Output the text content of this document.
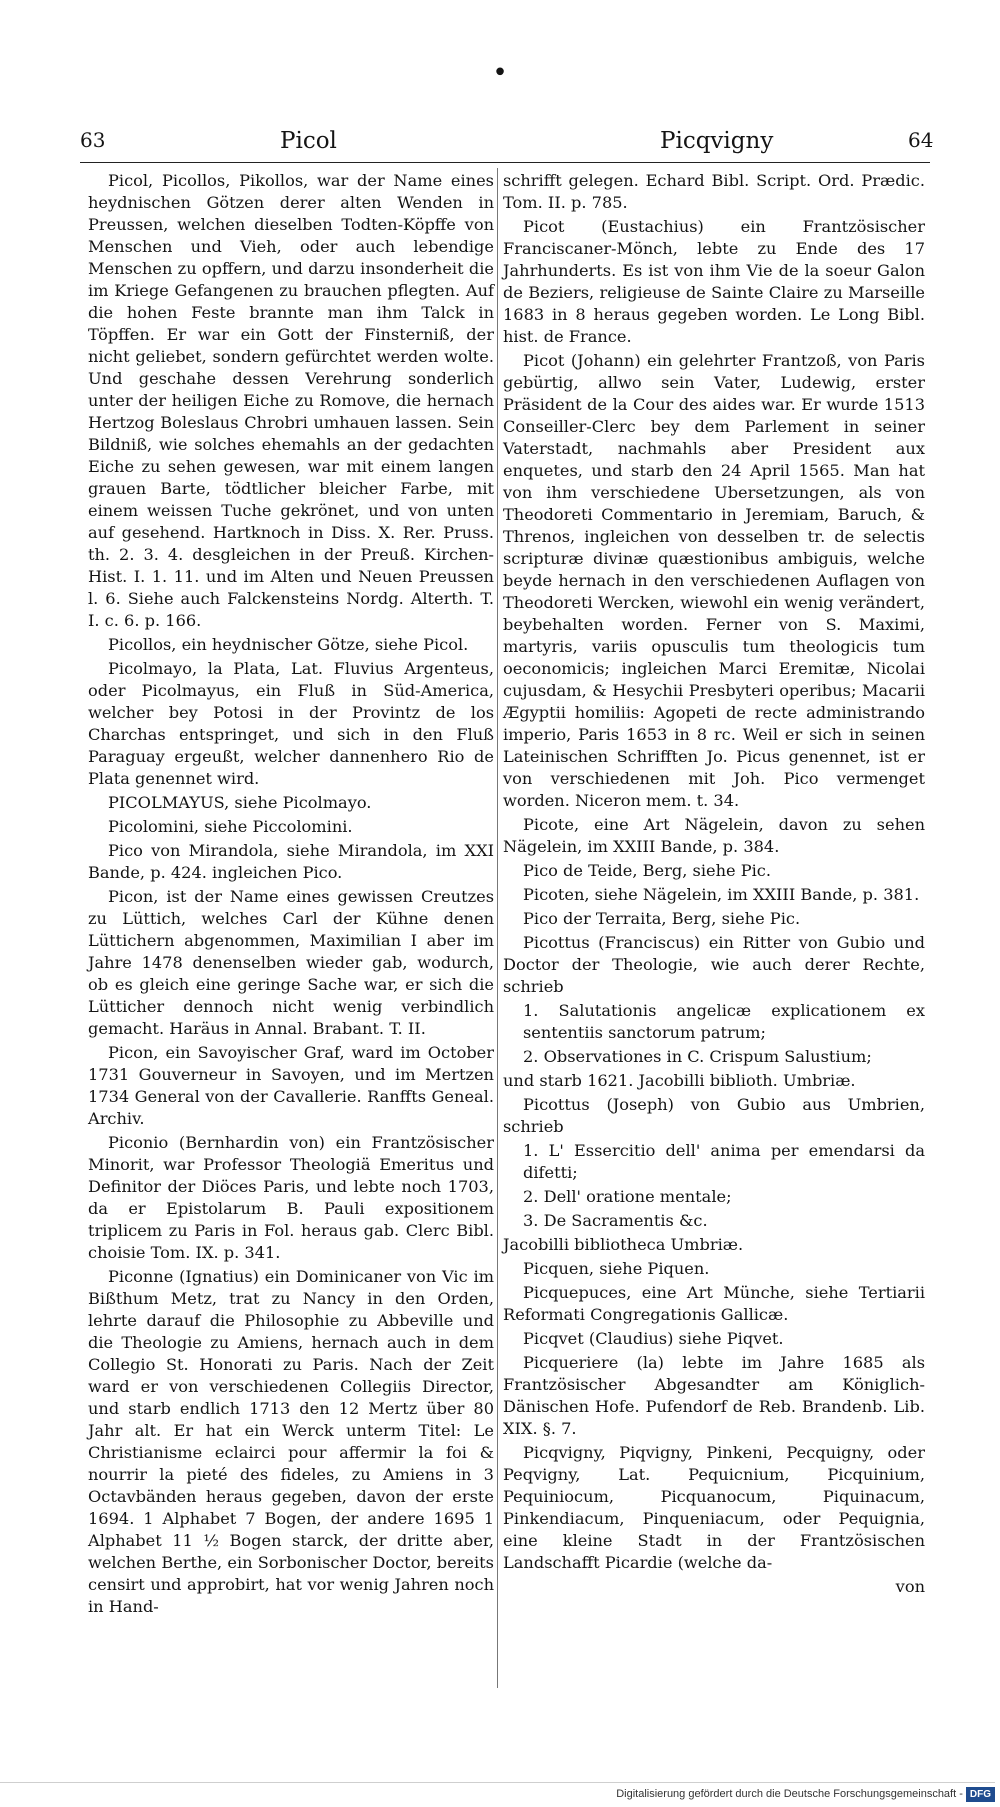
•
63	Picol	Picqvigny	64

Picol, Picollos, Pikollos, war der Name eines heydnischen Götzen derer alten Wenden in Preussen, welchen dieselben Todten-Köpffe von Menschen und Vieh, oder auch lebendige Menschen zu opffern, und darzu insonderheit die im Kriege Gefangenen zu brauchen pflegten. Auf die hohen Feste brannte man ihm Talck in Töpffen. Er war ein Gott der Finsterniß, der nicht geliebet, sondern gefürchtet werden wolte. Und geschahe dessen Verehrung sonderlich unter der heiligen Eiche zu Romove, die hernach Hertzog Boleslaus Chrobri umhauen lassen. Sein Bildniß, wie solches ehemahls an der gedachten Eiche zu sehen gewesen, war mit einem langen grauen Barte, tödtlicher bleicher Farbe, mit einem weissen Tuche gekrönet, und von unten auf gesehend. Hartknoch in Diss. X. Rer. Pruss. th. 2. 3. 4. desgleichen in der Preuß. Kirchen-Hist. I. 1. 11. und im Alten und Neuen Preussen l. 6. Siehe auch Falckensteins Nordg. Alterth. T. I. c. 6. p. 166.

Picollos, ein heydnischer Götze, siehe Picol.

Picolmayo, la Plata, Lat. Fluvius Argenteus, oder Picolmayus, ein Fluß in Süd-America, welcher bey Potosi in der Provintz de los Charchas entspringet, und sich in den Fluß Paraguay ergeußt, welcher dannenhero Rio de Plata genennet wird.

PICOLMAYUS, siehe Picolmayo.

Picolomini, siehe Piccolomini.

Pico von Mirandola, siehe Mirandola, im XXI Bande, p. 424. ingleichen Pico.

Picon, ist der Name eines gewissen Creutzes zu Lüttich, welches Carl der Kühne denen Lüttichern abgenommen, Maximilian I aber im Jahre 1478 denenselben wieder gab, wodurch, ob es gleich eine geringe Sache war, er sich die Lütticher dennoch nicht wenig verbindlich gemacht. Haräus in Annal. Brabant. T. II.

Picon, ein Savoyischer Graf, ward im October 1731 Gouverneur in Savoyen, und im Mertzen 1734 General von der Cavallerie. Ranffts Geneal. Archiv.

Piconio (Bernhardin von) ein Frantzösischer Minorit, war Professor Theologiä Emeritus und Definitor der Diöces Paris, und lebte noch 1703, da er Epistolarum B. Pauli expositionem triplicem zu Paris in Fol. heraus gab. Clerc Bibl. choisie Tom. IX. p. 341.

Piconne (Ignatius) ein Dominicaner von Vic im Bißthum Metz, trat zu Nancy in den Orden, lehrte darauf die Philosophie zu Abbeville und die Theologie zu Amiens, hernach auch in dem Collegio St. Honorati zu Paris. Nach der Zeit ward er von verschiedenen Collegiis Director, und starb endlich 1713 den 12 Mertz über 80 Jahr alt. Er hat ein Werck unterm Titel: Le Christianisme eclairci pour affermir la foi & nourrir la pieté des fideles, zu Amiens in 3 Octavbänden heraus gegeben, davon der erste 1694. 1 Alphabet 7 Bogen, der andere 1695 1 Alphabet 11 ½ Bogen starck, der dritte aber, welchen Berthe, ein Sorbonischer Doctor, bereits censirt und approbirt, hat vor wenig Jahren noch in Hand-

schrifft gelegen. Echard Bibl. Script. Ord. Prædic. Tom. II. p. 785.

Picot (Eustachius) ein Frantzösischer Franciscaner-Mönch, lebte zu Ende des 17 Jahrhunderts. Es ist von ihm Vie de la soeur Galon de Beziers, religieuse de Sainte Claire zu Marseille 1683 in 8 heraus gegeben worden. Le Long Bibl. hist. de France.

Picot (Johann) ein gelehrter Frantzoß, von Paris gebürtig, allwo sein Vater, Ludewig, erster Präsident de la Cour des aides war. Er wurde 1513 Conseiller-Clerc bey dem Parlement in seiner Vaterstadt, nachmahls aber President aux enquetes, und starb den 24 April 1565. Man hat von ihm verschiedene Ubersetzungen, als von Theodoreti Commentario in Jeremiam, Baruch, & Threnos, ingleichen von desselben tr. de selectis scripturæ divinæ quæstionibus ambiguis, welche beyde hernach in den verschiedenen Auflagen von Theodoreti Wercken, wiewohl ein wenig verändert, beybehalten worden. Ferner von S. Maximi, martyris, variis opusculis tum theologicis tum oeconomicis; ingleichen Marci Eremitæ, Nicolai cujusdam, & Hesychii Presbyteri operibus; Macarii Ægyptii homiliis: Agopeti de recte administrando imperio, Paris 1653 in 8 rc. Weil er sich in seinen Lateinischen Schrifften Jo. Picus genennet, ist er von verschiedenen mit Joh. Pico vermenget worden. Niceron mem. t. 34.

Picote, eine Art Nägelein, davon zu sehen Nägelein, im XXIII Bande, p. 384.

Pico de Teide, Berg, siehe Pic.

Picoten, siehe Nägelein, im XXIII Bande, p. 381.

Pico der Terraita, Berg, siehe Pic.

Picottus (Franciscus) ein Ritter von Gubio und Doctor der Theologie, wie auch derer Rechte, schrieb

1. Salutationis angelicæ explicationem ex sententiis sanctorum patrum;

2. Observationes in C. Crispum Salustium;

und starb 1621. Jacobilli biblioth. Umbriæ.

Picottus (Joseph) von Gubio aus Umbrien, schrieb

1. L' Essercitio dell' anima per emendarsi da difetti;

2. Dell' oratione mentale;

3. De Sacramentis &c.

Jacobilli bibliotheca Umbriæ.

Picquen, siehe Piquen.

Picquepuces, eine Art Münche, siehe Tertiarii Reformati Congregationis Gallicæ.

Picqvet (Claudius) siehe Piqvet.

Picqueriere (la) lebte im Jahre 1685 als Frantzösischer Abgesandter am Königlich-Dänischen Hofe. Pufendorf de Reb. Brandenb. Lib. XIX. §. 7.

Picqvigny, Piqvigny, Pinkeni, Pecquigny, oder Peqvigny, Lat. Pequicnium, Picquinium, Pequiniocum, Picquanocum, Piquinacum, Pinkendiacum, Pinqueniacum, oder Pequignia, eine kleine Stadt in der Frantzösischen Landschafft Picardie (welche da-

von

Digitalisierung gefördert durch die Deutsche Forschungsgemeinschaft - DFG
